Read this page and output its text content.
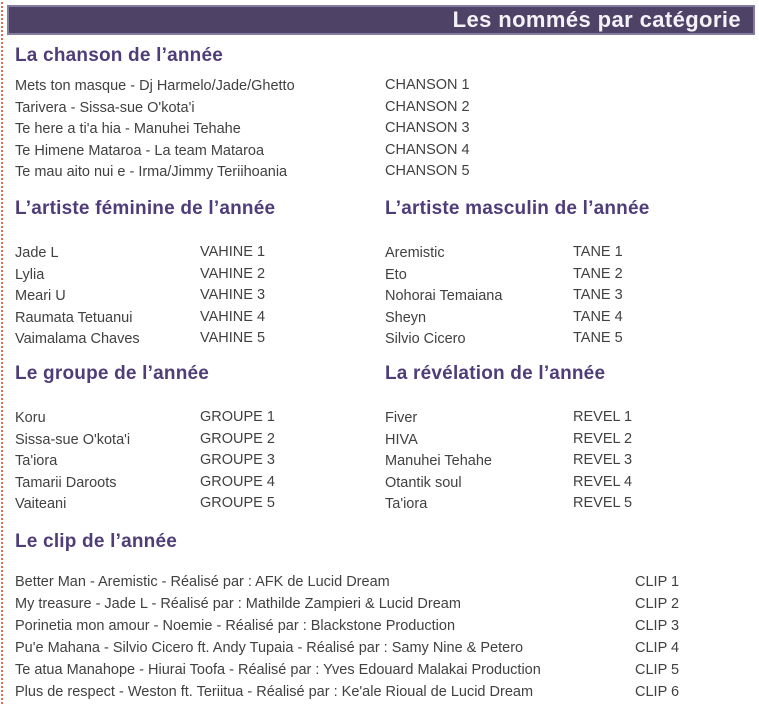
Les nommés par catégorie
La chanson de l’année
Mets ton masque - Dj Harmelo/Jade/Ghetto	CHANSON 1
Tarivera - Sissa-sue O'kota'i	CHANSON 2
Te here a ti'a hia - Manuhei Tehahe	CHANSON 3
Te Himene Mataroa - La team Mataroa	CHANSON 4
Te mau aito nui e - Irma/Jimmy Teriihoania	CHANSON 5
L’artiste féminine de l’année
Jade L	VAHINE 1
Lylia	VAHINE 2
Meari U	VAHINE 3
Raumata Tetuanui	VAHINE 4
Vaimalama Chaves	VAHINE 5
L’artiste masculin de l’année
Aremistic	TANE 1
Eto	TANE 2
Nohorai Temaiana	TANE 3
Sheyn	TANE 4
Silvio Cicero	TANE 5
Le groupe de l’année
Koru	GROUPE 1
Sissa-sue O'kota'i	GROUPE 2
Ta'iora	GROUPE 3
Tamarii Daroots	GROUPE 4
Vaiteani	GROUPE 5
La révélation de l’année
Fiver	REVEL 1
HIVA	REVEL 2
Manuhei Tehahe	REVEL 3
Otantik soul	REVEL 4
Ta'iora	REVEL 5
Le clip de l’année
Better Man - Aremistic - Réalisé par : AFK de Lucid Dream	CLIP 1
My treasure - Jade L - Réalisé par : Mathilde Zampieri & Lucid Dream	CLIP 2
Porinetia mon amour - Noemie - Réalisé par : Blackstone Production	CLIP 3
Pu'e Mahana - Silvio Cicero ft. Andy Tupaia - Réalisé par : Samy Nine & Petero	CLIP 4
Te atua Manahope - Hiurai Toofa - Réalisé par : Yves Edouard Malakai Production	CLIP 5
Plus de respect - Weston ft. Teriitua - Réalisé par : Ke'ale Rioual de Lucid Dream	CLIP 6
